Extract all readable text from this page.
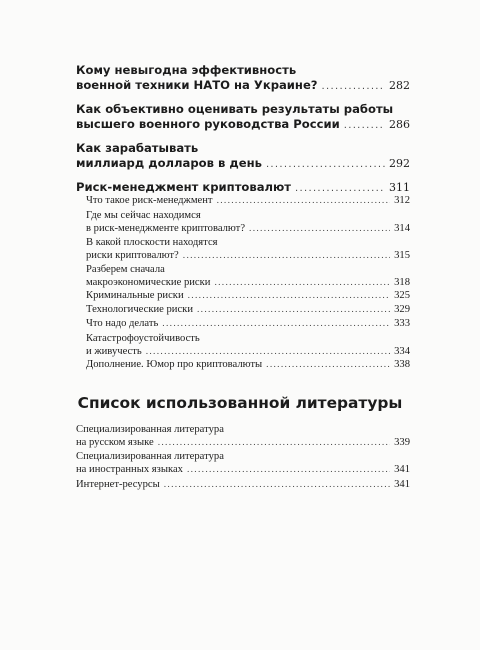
Кому невыгодна эффективность
военной техники НАТО на Украине? .....	282
Как объективно оценивать результаты работы
высшего военного руководства России .....	286
Как зарабатывать
миллиард долларов в день .....	292
Риск-менеджмент криптовалют .....	311
Что такое риск-менеджмент .....	312
Где мы сейчас находимся
в риск-менеджменте криптовалют? .....	314
В какой плоскости находятся
риски криптовалют? .....	315
Разберем сначала
макроэкономические риски .....	318
Криминальные риски .....	325
Технологические риски .....	329
Что надо делать .....	333
Катастрофоустойчивость
и живучесть .....	334
Дополнение. Юмор про криптовалюты .....	338
Список использованной литературы
Специализированная литература
на русском языке .....	339
Специализированная литература
на иностранных языках .....	341
Интернет-ресурсы .....	341
